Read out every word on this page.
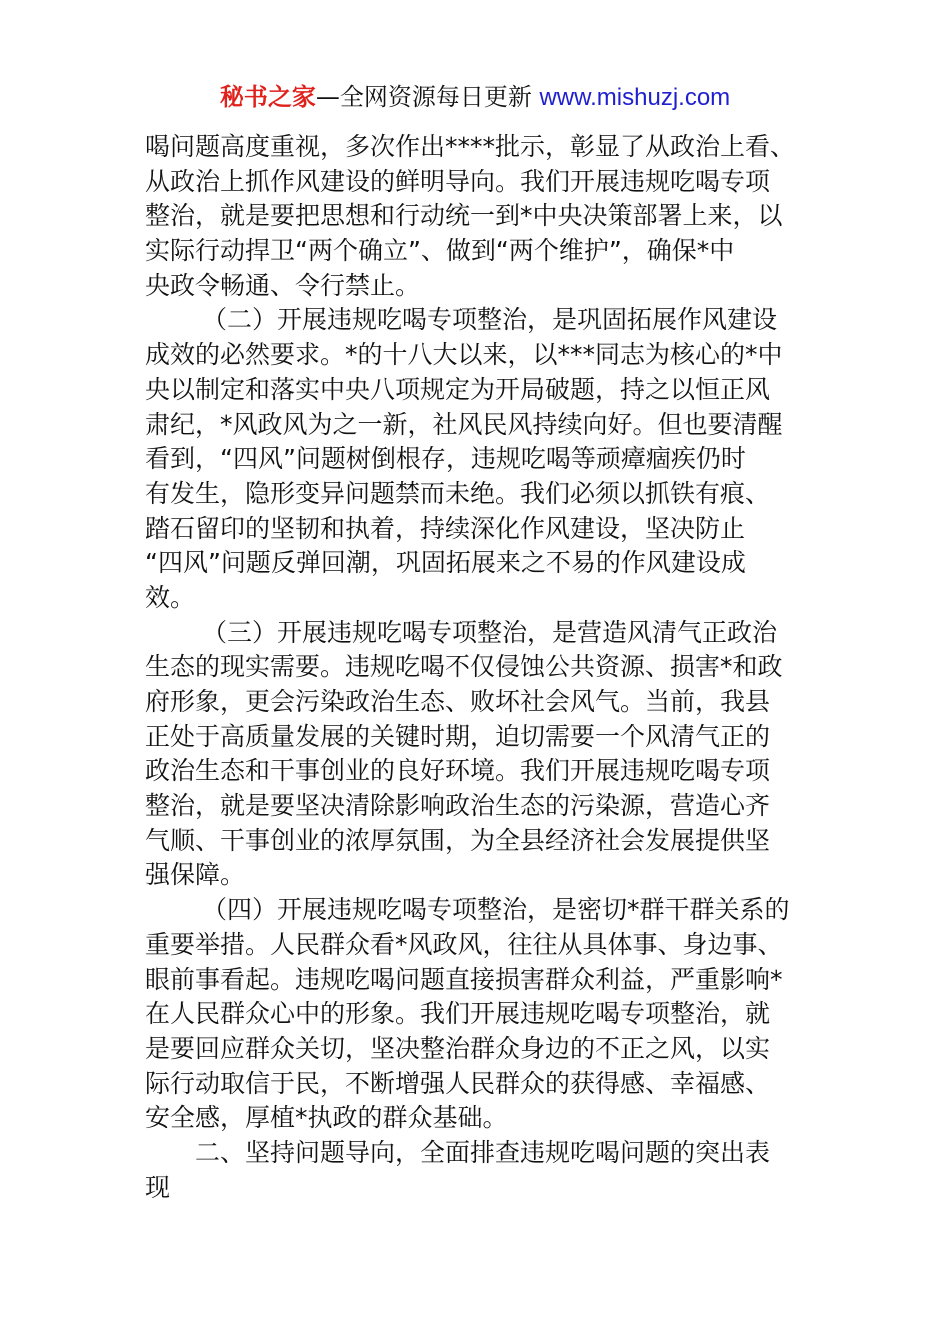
秘书之家—全网资源每日更新 www.mishuzj.com
喝问题高度重视，多次作出****批示，彰显了从政治上看、
从政治上抓作风建设的鲜明导向。我们开展违规吃喝专项
整治，就是要把思想和行动统一到*中央决策部署上来，以
实际行动捍卫“两个确立”、做到“两个维护”，确保*中
央政令畅通、令行禁止。
（二）开展违规吃喝专项整治，是巩固拓展作风建设
成效的必然要求。*的十八大以来，以***同志为核心的*中
央以制定和落实中央八项规定为开局破题，持之以恒正风
肃纪，*风政风为之一新，社风民风持续向好。但也要清醒
看到，“四风”问题树倒根存，违规吃喝等顽瘴痼疾仍时
有发生，隐形变异问题禁而未绝。我们必须以抓铁有痕、
踏石留印的坚韧和执着，持续深化作风建设，坚决防止
“四风”问题反弹回潮，巩固拓展来之不易的作风建设成
效。
（三）开展违规吃喝专项整治，是营造风清气正政治
生态的现实需要。违规吃喝不仅侵蚀公共资源、损害*和政
府形象，更会污染政治生态、败坏社会风气。当前，我县
正处于高质量发展的关键时期，迫切需要一个风清气正的
政治生态和干事创业的良好环境。我们开展违规吃喝专项
整治，就是要坚决清除影响政治生态的污染源，营造心齐
气顺、干事创业的浓厚氛围，为全县经济社会发展提供坚
强保障。
（四）开展违规吃喝专项整治，是密切*群干群关系的
重要举措。人民群众看*风政风，往往从具体事、身边事、
眼前事看起。违规吃喝问题直接损害群众利益，严重影响*
在人民群众心中的形象。我们开展违规吃喝专项整治，就
是要回应群众关切，坚决整治群众身边的不正之风，以实
际行动取信于民，不断增强人民群众的获得感、幸福感、
安全感，厚植*执政的群众基础。
二、坚持问题导向，全面排查违规吃喝问题的突出表
现
